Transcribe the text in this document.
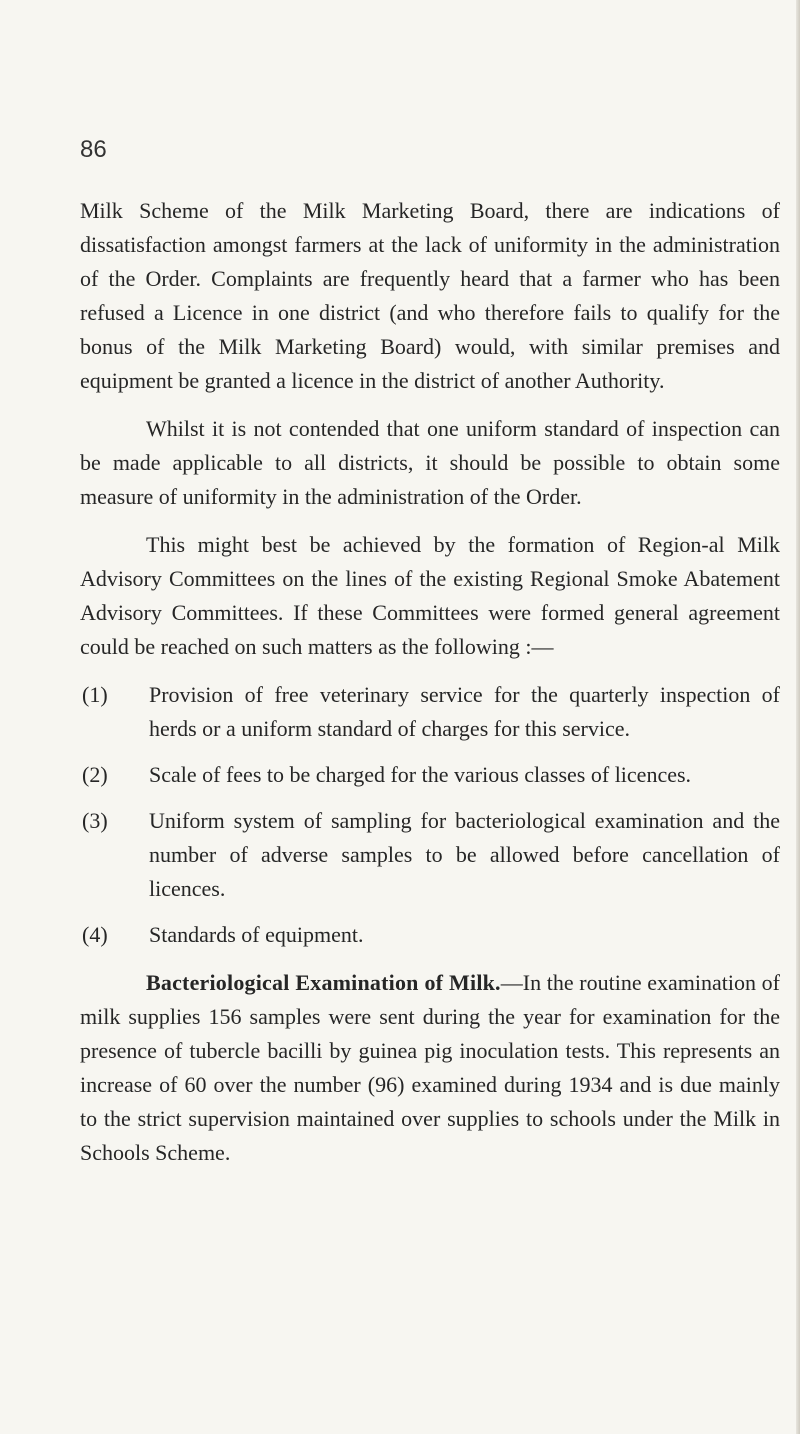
86

Milk Scheme of the Milk Marketing Board, there are indications of dissatisfaction amongst farmers at the lack of uniformity in the administration of the Order. Complaints are frequently heard that a farmer who has been refused a Licence in one district (and who therefore fails to qualify for the bonus of the Milk Marketing Board) would, with similar premises and equipment be granted a licence in the district of another Authority.

Whilst it is not contended that one uniform standard of inspection can be made applicable to all districts, it should be possible to obtain some measure of uniformity in the administration of the Order.

This might best be achieved by the formation of Region-al Milk Advisory Committees on the lines of the existing Regional Smoke Abatement Advisory Committees. If these Committees were formed general agreement could be reached on such matters as the following :—

(1)	Provision of free veterinary service for the quarterly inspection of herds or a uniform standard of charges for this service.
(2)	Scale of fees to be charged for the various classes of licences.
(3)	Uniform system of sampling for bacteriological examination and the number of adverse samples to be allowed before cancellation of licences.
(4)	Standards of equipment.

Bacteriological Examination of Milk.—In the routine examination of milk supplies 156 samples were sent during the year for examination for the presence of tubercle bacilli by guinea pig inoculation tests. This represents an increase of 60 over the number (96) examined during 1934 and is due mainly to the strict supervision maintained over supplies to schools under the Milk in Schools Scheme.
